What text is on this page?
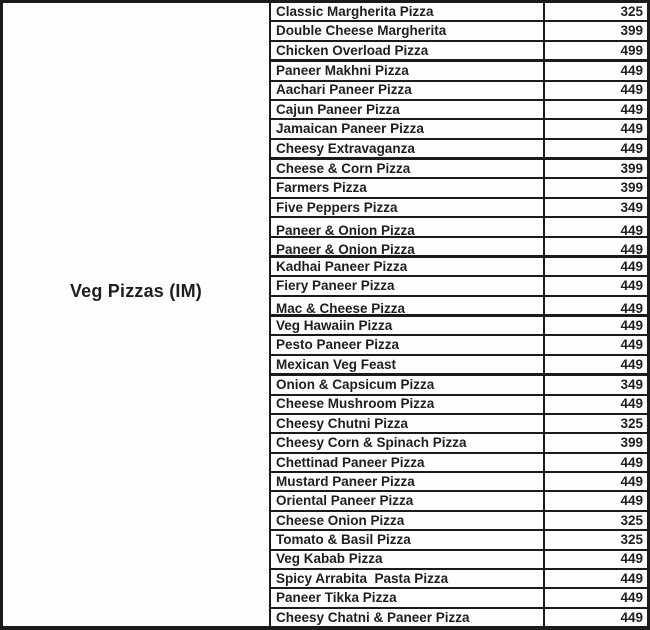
Veg Pizzas (IM)
Classic Margherita Pizza	325
Double Cheese Margherita	399
Chicken Overload Pizza	499
Paneer Makhni Pizza	449
Aachari Paneer Pizza	449
Cajun Paneer Pizza	449
Jamaican Paneer Pizza	449
Cheesy Extravaganza	449
Cheese & Corn Pizza	399
Farmers Pizza	399
Five Peppers Pizza	349
Paneer & Onion Pizza	449
Paneer & Onion Pizza	449
Kadhai Paneer Pizza	449
Fiery Paneer Pizza	449
Mac & Cheese Pizza	449
Veg Hawaiin Pizza	449
Pesto Paneer Pizza	449
Mexican Veg Feast	449
Onion & Capsicum Pizza	349
Cheese Mushroom Pizza	449
Cheesy Chutni Pizza	325
Cheesy Corn & Spinach Pizza	399
Chettinad Paneer Pizza	449
Mustard Paneer Pizza	449
Oriental Paneer Pizza	449
Cheese Onion Pizza	325
Tomato & Basil Pizza	325
Veg Kabab Pizza	449
Spicy Arrabita  Pasta Pizza	449
Paneer Tikka Pizza	449
Cheesy Chatni & Paneer Pizza	449
